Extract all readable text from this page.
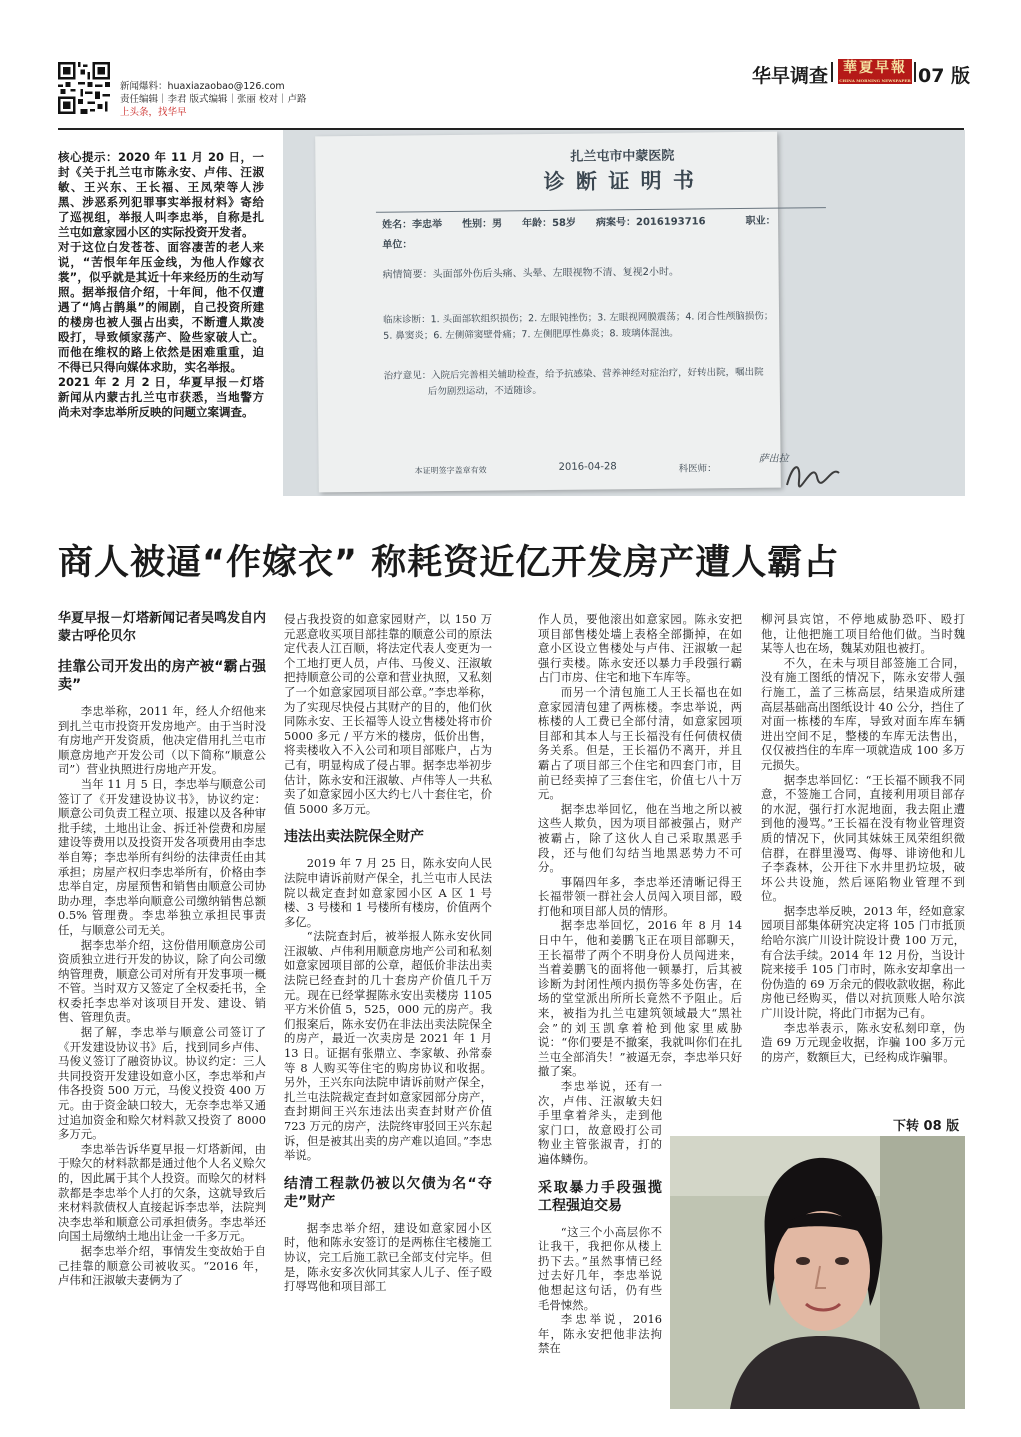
新闻爆料：huaxiazaobao@126.com
责任编辑｜李君 版式编辑｜张丽 校对｜卢路
上头条，找华早
华早调查	華夏早報
CHINA MORNING NEWSPAPER 07 版

核心提示：2020 年 11 月 20 日，一封《关于扎兰屯市陈永安、卢伟、汪淑敏、王兴东、王长福、王凤荣等人涉黑、涉恶系列犯罪事实举报材料》寄给了巡视组，举报人叫李忠举，自称是扎兰屯如意家园小区的实际投资开发者。

对于这位白发苍苍、面容凄苦的老人来说，“苦恨年年压金线，为他人作嫁衣裳”，似乎就是其近十年来经历的生动写照。据举报信介绍，十年间，他不仅遭遇了“鸠占鹊巢”的闹剧，自己投资所建的楼房也被人强占出卖，不断遭人欺凌殴打，导致倾家荡产、险些家破人亡。而他在维权的路上依然是困难重重，迫不得已只得向媒体求助，实名举报。

2021 年 2 月 2 日，华夏早报－灯塔新闻从内蒙古扎兰屯市获悉，当地警方尚未对李忠举所反映的问题立案调查。

扎兰屯市中蒙医院
诊 断 证 明 书
姓名：李忠举　　性别：男　　年龄：58岁　　病案号：2016193716　　　　职业：
单位：
病情简要：头面部外伤后头痛、头晕、左眼视物不清、复视2小时。
临床诊断：1. 头面部软组织损伤；2. 左眼钝挫伤；3. 左眼视网膜震荡；4. 闭合性颅脑损伤；
5. 鼻窦炎；6. 左侧筛窦壁骨痛；7. 左侧肥厚性鼻炎；8. 玻璃体混浊。
治疗意见：入院后完善相关辅助检查，给予抗感染、营养神经对症治疗，好转出院，嘱出院
后勿剧烈运动，不适随诊。
本证明签字盖章有效	2016-04-28	科医师：
萨出拉
商人被逼“作嫁衣” 称耗资近亿开发房产遭人霸占
华夏早报－灯塔新闻记者吴鸣发自内蒙古呼伦贝尔
挂靠公司开发出的房产被“霸占强卖”

李忠举称，2011 年，经人介绍他来到扎兰屯市投资开发房地产。由于当时没有房地产开发资质，他决定借用扎兰屯市顺意房地产开发公司（以下简称“顺意公司”）营业执照进行房地产开发。

当年 11 月 5 日，李忠举与顺意公司签订了《开发建设协议书》，协议约定：顺意公司负责工程立项、报建以及各种审批手续，土地出让金、拆迁补偿费和房屋建设等费用以及投资开发各项费用由李忠举自筹；李忠举所有纠纷的法律责任由其承担；房屋产权归李忠举所有，价格由李忠举自定，房屋预售和销售由顺意公司协助办理，李忠举向顺意公司缴纳销售总额 0.5% 管理费。李忠举独立承担民事责任，与顺意公司无关。

据李忠举介绍，这份借用顺意房公司资质独立进行开发的协议，除了向公司缴纳管理费，顺意公司对所有开发事项一概不管。当时双方又签定了全权委托书，全权委托李忠举对该项目开发、建设、销售、管理负责。

据了解，李忠举与顺意公司签订了《开发建设协议书》后，找到同乡卢伟、马俊义签订了融资协议。协议约定：三人共同投资开发建设如意小区，李忠举和卢伟各投资 500 万元，马俊义投资 400 万元。由于资金缺口较大，无奈李忠举又通过追加资金和赊欠材料款又投资了 8000 多万元。

李忠举告诉华夏早报－灯塔新闻，由于赊欠的材料款都是通过他个人名义赊欠的，因此属于其个人投资。而赊欠的材料款都是李忠举个人打的欠条，这就导致后来材料款债权人直接起诉李忠举，法院判决李忠举和顺意公司承担债务。李忠举还向国土局缴纳土地出让金一千多万元。

据李忠举介绍，事情发生变故始于自己挂靠的顺意公司被收买。“2016 年，卢伟和汪淑敏夫妻俩为了

侵占我投资的如意家园财产，以 150 万元恶意收买项目部挂靠的顺意公司的原法定代表人江百顺，将法定代表人变更为一个工地打更人员，卢伟、马俊义、汪淑敏把持顺意公司的公章和营业执照，又私刻了一个如意家园项目部公章。”李忠举称，为了实现尽快侵占其财产的目的，他们伙同陈永安、王长福等人设立售楼处将市价5000 多元 / 平方米的楼房，低价出售，将卖楼收入不入公司和项目部账户，占为己有，明显构成了侵占罪。据李忠举初步估计，陈永安和汪淑敏、卢伟等人一共私卖了如意家园小区大约七八十套住宅，价值 5000 多万元。

违法出卖法院保全财产

2019 年 7 月 25 日，陈永安向人民法院申请诉前财产保全，扎兰屯市人民法院以裁定查封如意家园小区 A 区 1 号楼、3 号楼和 1 号楼所有楼房，价值两个多亿。

“法院查封后，被举报人陈永安伙同汪淑敏、卢伟利用顺意房地产公司和私刻如意家园项目部的公章，超低价非法出卖法院已经查封的几十套房产价值几千万元。现在已经掌握陈永安出卖楼房 1105 平方米价值 5，525，000 元的房产。我们报案后，陈永安仍在非法出卖法院保全的房产，最近一次卖房是 2021 年 1 月 13 日。证据有张鼎立、李家敏、孙常泰等 8 人购买等住宅的购房协议和收据。另外，王兴东向法院申请诉前财产保全，扎兰屯法院裁定查封如意家园部分房产，查封期间王兴东违法出卖查封财产价值 723 万元的房产，法院终审驳回王兴东起诉，但是被其出卖的房产难以追回。”李忠举说。

结清工程款仍被以欠债为名“夺走”财产

据李忠举介绍，建设如意家园小区时，他和陈永安签订的是两栋住宅楼施工协议，完工后施工款已全部支付完毕。但是，陈永安多次伙同其家人儿子、侄子殴打辱骂他和项目部工

作人员，要他滚出如意家园。陈永安把项目部售楼处墙上表格全部撕掉，在如意小区设立售楼处与卢伟、汪淑敏一起强行卖楼。陈永安还以暴力手段强行霸占门市房、住宅和地下车库等。

而另一个清包施工人王长福也在如意家园清包建了两栋楼。李忠举说，两栋楼的人工费已全部付清，如意家园项目部和其本人与王长福没有任何债权债务关系。但是，王长福仍不离开，并且霸占了项目部三个住宅和四套门市，目前已经卖掉了三套住宅，价值七八十万元。

据李忠举回忆，他在当地之所以被这些人欺负，因为项目部被强占，财产被霸占，除了这伙人自己采取黑恶手段，还与他们勾结当地黑恶势力不可分。

事隔四年多，李忠举还清晰记得王长福带领一群社会人员闯入项目部，殴打他和项目部人员的情形。

据李忠举回忆，2016 年 8 月 14 日中午，他和姜鹏飞正在项目部聊天，王长福带了两个不明身份人员闯进来，当着姜鹏飞的面将他一顿暴打，后其被诊断为封闭性颅内损伤等多处伤害，在场的堂堂派出所所长竟然不予阻止。后来，被指为扎兰屯建筑领域最大“黑社会”的刘玉凯拿着枪到他家里威胁说：“你们要是不撤案，我就叫你们在扎兰屯全部消失！”被逼无奈，李忠举只好撤了案。

李忠举说，还有一次，卢伟、汪淑敏夫妇手里拿着斧头，走到他家门口，故意殴打公司物业主管张淑青，打的遍体鳞伤。

采取暴力手段强揽工程强迫交易

“这三个小高层你不让我干，我把你从楼上扔下去。”虽然事情已经过去好几年，李忠举说他想起这句话，仍有些毛骨悚然。

李忠举说，2016 年，陈永安把他非法拘禁在

柳河县宾馆，不停地威胁恐吓、殴打他，让他把施工项目给他们做。当时魏某等人也在场，魏某劝阻也被打。

不久，在未与项目部签施工合同，没有施工图纸的情况下，陈永安带人强行施工，盖了三栋高层，结果造成所建高层基础高出图纸设计 40 公分，挡住了对面一栋楼的车库，导致对面车库车辆进出空间不足，整楼的车库无法售出，仅仅被挡住的车库一项就造成 100 多万元损失。

据李忠举回忆：“王长福不顾我不同意，不签施工合同，直接利用项目部存的水泥，强行打水泥地面，我去阻止遭到他的漫骂。”王长福在没有物业管理资质的情况下，伙同其妹妹王凤荣组织微信群，在群里漫骂、侮辱、诽谤他和儿子李森林，公开往下水井里扔垃圾，破坏公共设施，然后诬陷物业管理不到位。

据李忠举反映，2013 年，经如意家园项目部集体研究决定将 105 门市抵顶给哈尔滨广川设计院设计费 100 万元，有合法手续。2014 年 12 月份，当设计院来接手 105 门市时，陈永安却拿出一份伪造的 69 万余元的假收款收据，称此房他已经购买，借以对抗顶账人哈尔滨广川设计院，将此门市据为己有。

李忠举表示，陈永安私刻印章，伪造 69 万元现金收据，诈骗 100 多万元的房产，数额巨大，已经构成诈骗罪。

下转 08 版
